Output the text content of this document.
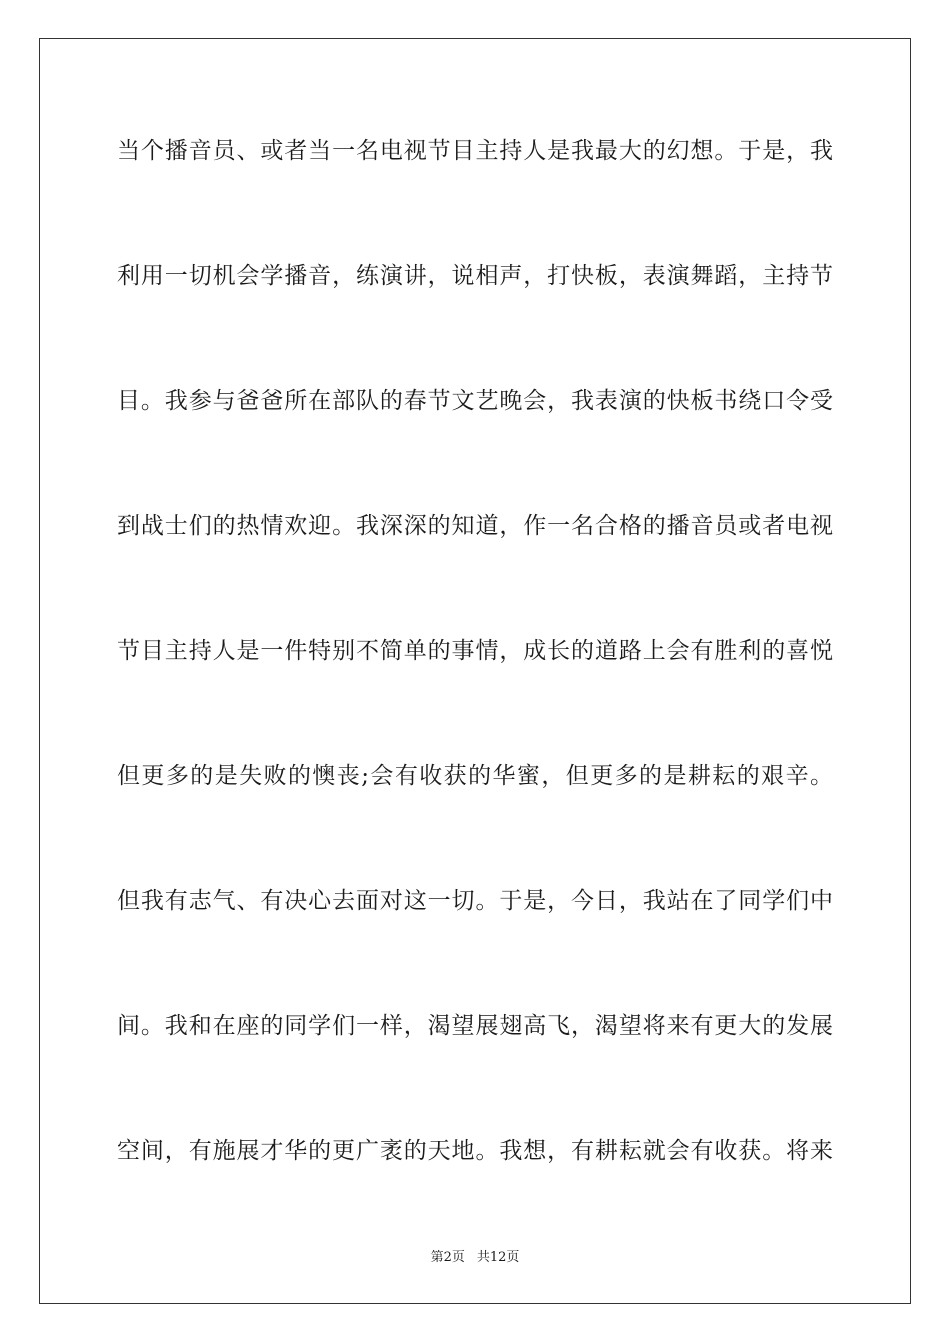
当个播音员、或者当一名电视节目主持人是我最大的幻想。于是，我
利用一切机会学播音，练演讲，说相声，打快板，表演舞蹈，主持节
目。我参与爸爸所在部队的春节文艺晚会，我表演的快板书绕口令受
到战士们的热情欢迎。我深深的知道，作一名合格的播音员或者电视
节目主持人是一件特别不简单的事情，成长的道路上会有胜利的喜悦
但更多的是失败的懊丧;会有收获的华蜜，但更多的是耕耘的艰辛。
但我有志气、有决心去面对这一切。于是，今日，我站在了同学们中
间。我和在座的同学们一样，渴望展翅高飞，渴望将来有更大的发展
空间，有施展才华的更广袤的天地。我想，有耕耘就会有收获。将来
第2页 共12页
